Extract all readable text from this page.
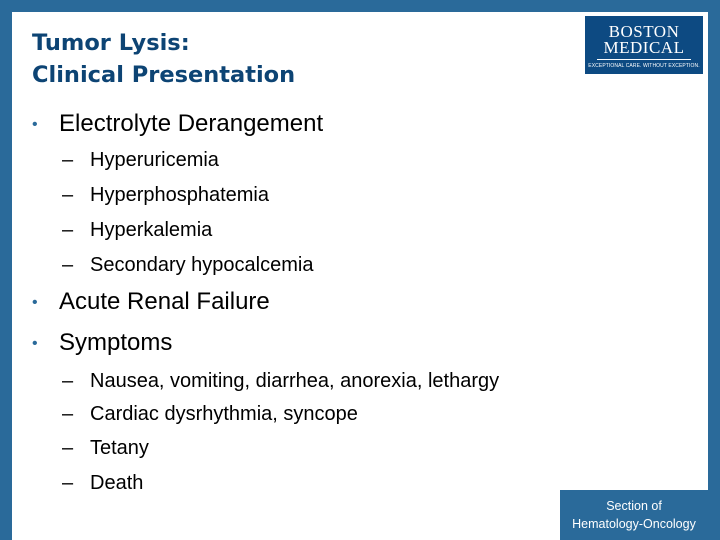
Tumor Lysis:
Clinical Presentation
BOSTON
MEDICAL
EXCEPTIONAL CARE. WITHOUT EXCEPTION.
• Electrolyte Derangement
– Hyperuricemia
– Hyperphosphatemia
– Hyperkalemia
– Secondary hypocalcemia
• Acute Renal Failure
• Symptoms
– Nausea, vomiting, diarrhea, anorexia, lethargy
– Cardiac dysrhythmia, syncope
– Tetany
– Death
Section of
Hematology-Oncology
